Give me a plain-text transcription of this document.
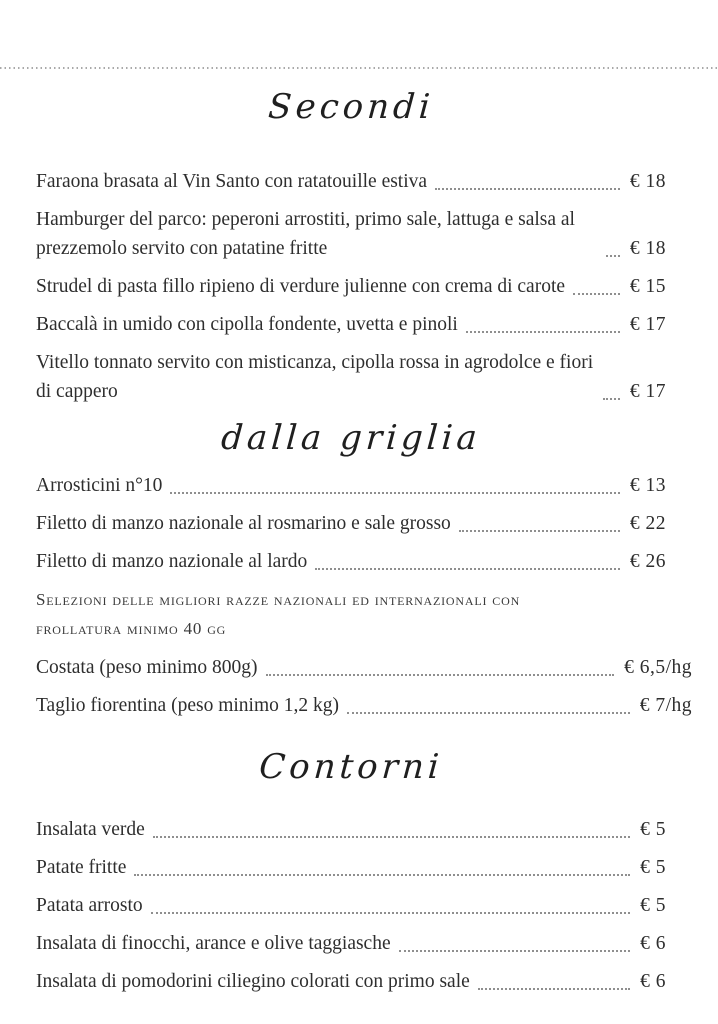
Secondi
Faraona brasata al Vin Santo con ratatouille estiva	€ 18
Hamburger del parco: peperoni arrostiti, primo sale, lattuga e salsa al prezzemolo servito con patatine fritte	€ 18
Strudel di pasta fillo ripieno di verdure julienne con crema di carote	€ 15
Baccalà in umido con cipolla fondente, uvetta e pinoli	€ 17
Vitello tonnato servito con misticanza, cipolla rossa in agrodolce e fiori di cappero	€ 17
dalla griglia
Arrosticini n°10	€ 13
Filetto di manzo nazionale al rosmarino e sale grosso	€ 22
Filetto di manzo nazionale al lardo	€ 26
Selezioni delle migliori razze nazionali ed internazionali con frollatura minimo 40 gg
Costata (peso minimo 800g)	€ 6,5/hg
Taglio fiorentina (peso minimo 1,2 kg)	€ 7/hg
Contorni
Insalata verde	€ 5
Patate fritte	€ 5
Patata arrosto	€ 5
Insalata di finocchi, arance e olive taggiasche	€ 6
Insalata di pomodorini ciliegino colorati con primo sale	€ 6
